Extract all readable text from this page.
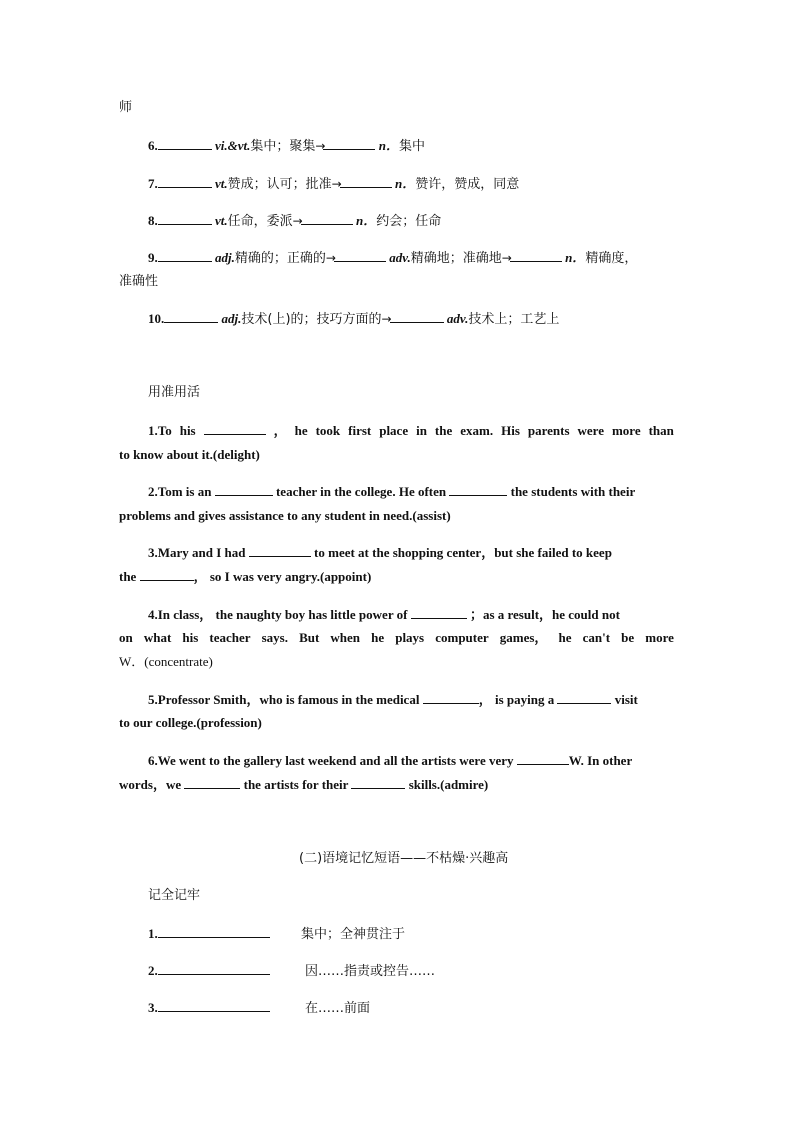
师
6.	vi.&vt.集中；聚集→	n．集中
7.	vt.赞成；认可；批准→	n．赞许，赞成，同意
8.	vt.任命，委派→	n．约会；任命
9.	adj.精确的；正确的→	adv.精确地；准确地→	n．精确度，
准确性
10.	adj.技术(上)的；技巧方面的→	adv.技术上；工艺上
用准用活
1.To his	， he took first place in the exam. His parents were more than
to know about it.(delight)
2.Tom is an	teacher in the college. He often	the students with their
problems and gives assistance to any student in need.(assist)
3.Mary and I had	to meet at the shopping center，but she failed to keep
the	， so I was very angry.(appoint)
4.In class， the naughty boy has little power of	；as a result，he could not
on what his teacher says. But when he plays computer games， he can't be more
W．(concentrate)
5.Professor Smith，who is famous in the medical	， is paying a	visit
to our college.(profession)
6.We went to the gallery last weekend and all the artists were very	W. In other
words，we	the artists for their	skills.(admire)
(二)语境记忆短语——不枯燥·兴趣高
记全记牢
1.	集中；全神贯注于
2.	因……指责或控告……
3.	在……前面
